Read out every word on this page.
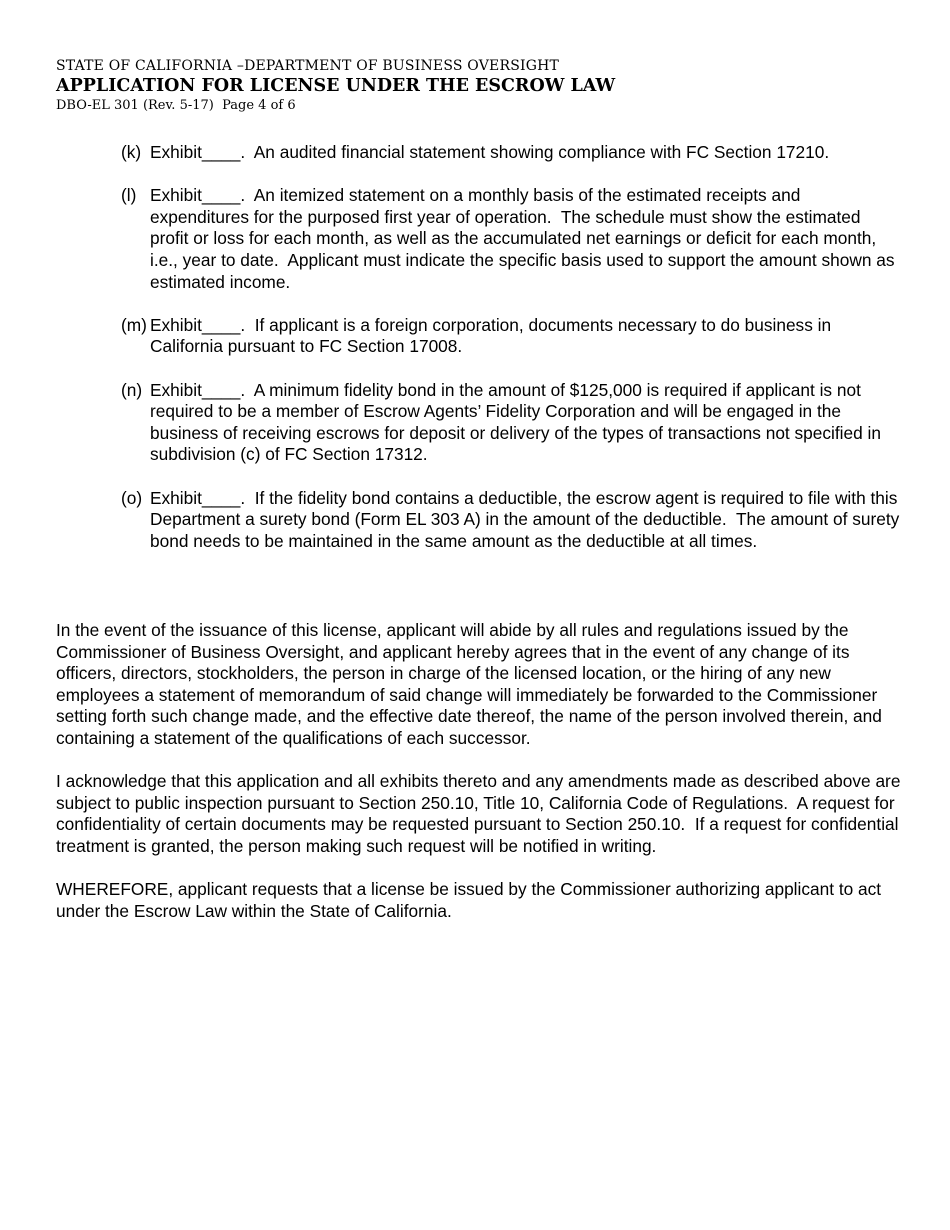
STATE OF CALIFORNIA –DEPARTMENT OF BUSINESS OVERSIGHT
APPLICATION FOR LICENSE UNDER THE ESCROW LAW
DBO-EL 301 (Rev. 5-17)  Page 4 of 6
(k) Exhibit____.  An audited financial statement showing compliance with FC Section 17210.
(l) Exhibit____.  An itemized statement on a monthly basis of the estimated receipts and expenditures for the purposed first year of operation.  The schedule must show the estimated profit or loss for each month, as well as the accumulated net earnings or deficit for each month, i.e., year to date.  Applicant must indicate the specific basis used to support the amount shown as estimated income.
(m) Exhibit____.  If applicant is a foreign corporation, documents necessary to do business in California pursuant to FC Section 17008.
(n) Exhibit____.  A minimum fidelity bond in the amount of $125,000 is required if applicant is not required to be a member of Escrow Agents’ Fidelity Corporation and will be engaged in the business of receiving escrows for deposit or delivery of the types of transactions not specified in subdivision (c) of FC Section 17312.
(o) Exhibit____.  If the fidelity bond contains a deductible, the escrow agent is required to file with this Department a surety bond (Form EL 303 A) in the amount of the deductible.  The amount of surety bond needs to be maintained in the same amount as the deductible at all times.

In the event of the issuance of this license, applicant will abide by all rules and regulations issued by the Commissioner of Business Oversight, and applicant hereby agrees that in the event of any change of its officers, directors, stockholders, the person in charge of the licensed location, or the hiring of any new employees a statement of memorandum of said change will immediately be forwarded to the Commissioner setting forth such change made, and the effective date thereof, the name of the person involved therein, and containing a statement of the qualifications of each successor.

I acknowledge that this application and all exhibits thereto and any amendments made as described above are subject to public inspection pursuant to Section 250.10, Title 10, California Code of Regulations.  A request for confidentiality of certain documents may be requested pursuant to Section 250.10.  If a request for confidential treatment is granted, the person making such request will be notified in writing.

WHEREFORE, applicant requests that a license be issued by the Commissioner authorizing applicant to act under the Escrow Law within the State of California.
